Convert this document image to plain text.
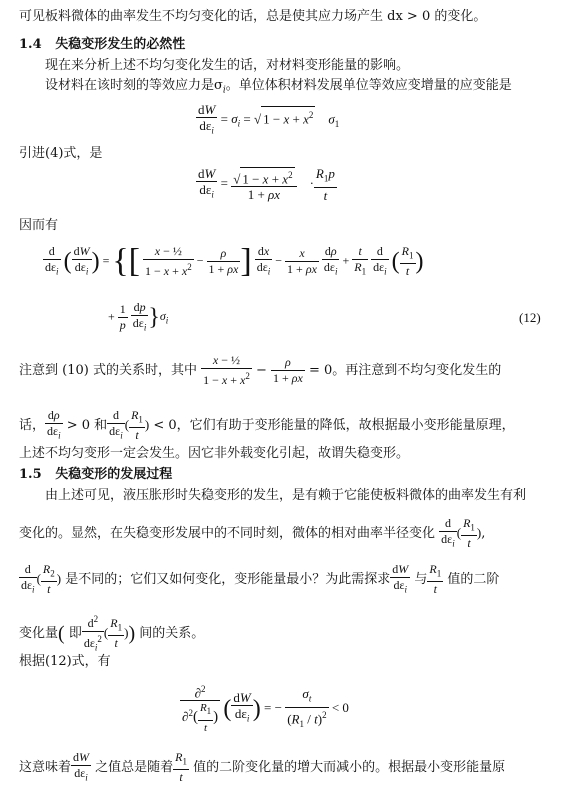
可见板料微体的曲率发生不均匀变化的话，总是使其应力场产生 dx > 0 的变化。
1.4 失稳变形发生的必然性
现在来分析上述不均匀变化发生的话，对材料变形能量的影响。
设材料在该时刻的等效应力是$\sigma_i$。单位体积材料发展单位等效应变增量的应变能是
dW
$d\varepsilon_i$
= $\sigma_i$ = √ $1 - x + x^2$ $\sigma_1$
引进(4)式，是
dW
$d\varepsilon_i$
= $\frac{√ 1 - x + x^2}{1 + \rho x} \cdot \frac{R_1p}{t}$
因而有
d
$d\varepsilon_i$ ( dW
$d\varepsilon_i$ ) = {[ $\frac{\text{x − ½}}{1 - x + x^2} - \frac{\rho}{1 + \rho x}$ ] dx
$d\varepsilon_i$
− $\frac{x}{1 + \rho x}$
dρ
$d\varepsilon_i$
+ $\frac{t}{R_1}$
d
$d\varepsilon_i$ ( $\frac{R_1}{t}$ )
+ $\frac{1}{p}$
dp
$d\varepsilon_i$ }$\sigma_i$	(12)
注意到 (10) 式的关系时，其中 $\frac{\text{x − ½}}{1 - x + x^2} - \frac{\rho}{1 + \rho x} = 0$。再注意到不均匀变化发生的
话，
dρ
$d\varepsilon_i$
> 0 和
d
$d\varepsilon_i$
( $\frac{R_1}{t}$ ) < 0，它们有助于变形能量的降低，故根据最小变形能量原理，
上述不均匀变形一定会发生。因它非外载变化引起，故谓失稳变形。
1.5 失稳变形的发展过程
由上述可见，液压胀形时失稳变形的发生，是有赖于它能使板料微体的曲率发生有利
变化的。显然，在失稳变形发展中的不同时刻，微体的相对曲率半径变化
d
$d\varepsilon_i$
( $\frac{R_1}{t}$ ),
d
$d\varepsilon_i$
( $\frac{R_2}{t}$ ) 是不同的；它们又如何变化，变形能量最小？为此需探求
dW
$d\varepsilon_i$
与 $\frac{R_1}{t}$ 值的二阶
变化量( 即
$d^2$
$d\varepsilon_i^2$ ( $\frac{R_1}{t}$ )) 间的关系。
根据(12)式，有
$\frac{\partial^2}{\partial^2( \frac{R_1}{t} )}$ ( dW
$d\varepsilon_i$ ) = − $\frac{\sigma_t}{(R_1 / t)^2} < 0$
这意味着
dW
$d\varepsilon_i$
之值总是随着 $\frac{R_1}{t}$ 值的二阶变化量的增大而减小的。根据最小变形能量原
